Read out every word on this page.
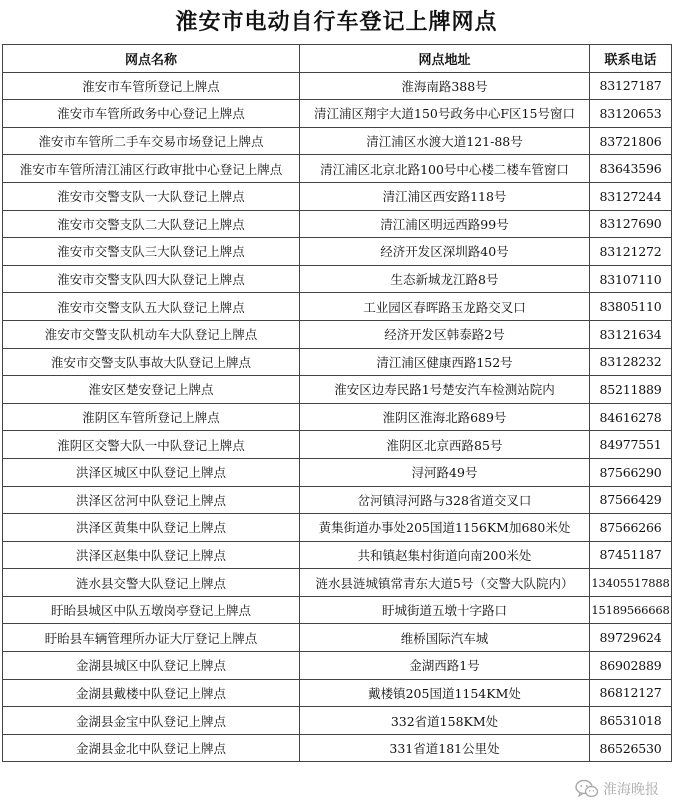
淮安市电动自行车登记上牌网点
网点名称	网点地址	联系电话
淮安市车管所登记上牌点	淮海南路388号	83127187
淮安市车管所政务中心登记上牌点	清江浦区翔宇大道150号政务中心F区15号窗口	83120653
淮安市车管所二手车交易市场登记上牌点	清江浦区水渡大道121-88号	83721806
淮安市车管所清江浦区行政审批中心登记上牌点	清江浦区北京北路100号中心楼二楼车管窗口	83643596
淮安市交警支队一大队登记上牌点	清江浦区西安路118号	83127244
淮安市交警支队二大队登记上牌点	清江浦区明远西路99号	83127690
淮安市交警支队三大队登记上牌点	经济开发区深圳路40号	83121272
淮安市交警支队四大队登记上牌点	生态新城龙江路8号	83107110
淮安市交警支队五大队登记上牌点	工业园区春晖路玉龙路交叉口	83805110
淮安市交警支队机动车大队登记上牌点	经济开发区韩泰路2号	83121634
淮安市交警支队事故大队登记上牌点	清江浦区健康西路152号	83128232
淮安区楚安登记上牌点	淮安区边寿民路1号楚安汽车检测站院内	85211889
淮阴区车管所登记上牌点	淮阴区淮海北路689号	84616278
淮阴区交警大队一中队登记上牌点	淮阴区北京西路85号	84977551
洪泽区城区中队登记上牌点	浔河路49号	87566290
洪泽区岔河中队登记上牌点	岔河镇浔河路与328省道交叉口	87566429
洪泽区黄集中队登记上牌点	黄集街道办事处205国道1156KM加680米处	87566266
洪泽区赵集中队登记上牌点	共和镇赵集村街道向南200米处	87451187
涟水县交警大队登记上牌点	涟水县涟城镇常青东大道5号（交警大队院内）	13405517888
盱眙县城区中队五墩岗亭登记上牌点	盱城街道五墩十字路口	15189566668
盱眙县车辆管理所办证大厅登记上牌点	维桥国际汽车城	89729624
金湖县城区中队登记上牌点	金湖西路1号	86902889
金湖县戴楼中队登记上牌点	戴楼镇205国道1154KM处	86812127
金湖县金宝中队登记上牌点	332省道158KM处	86531018
金湖县金北中队登记上牌点	331省道181公里处	86526530
淮海晚报
